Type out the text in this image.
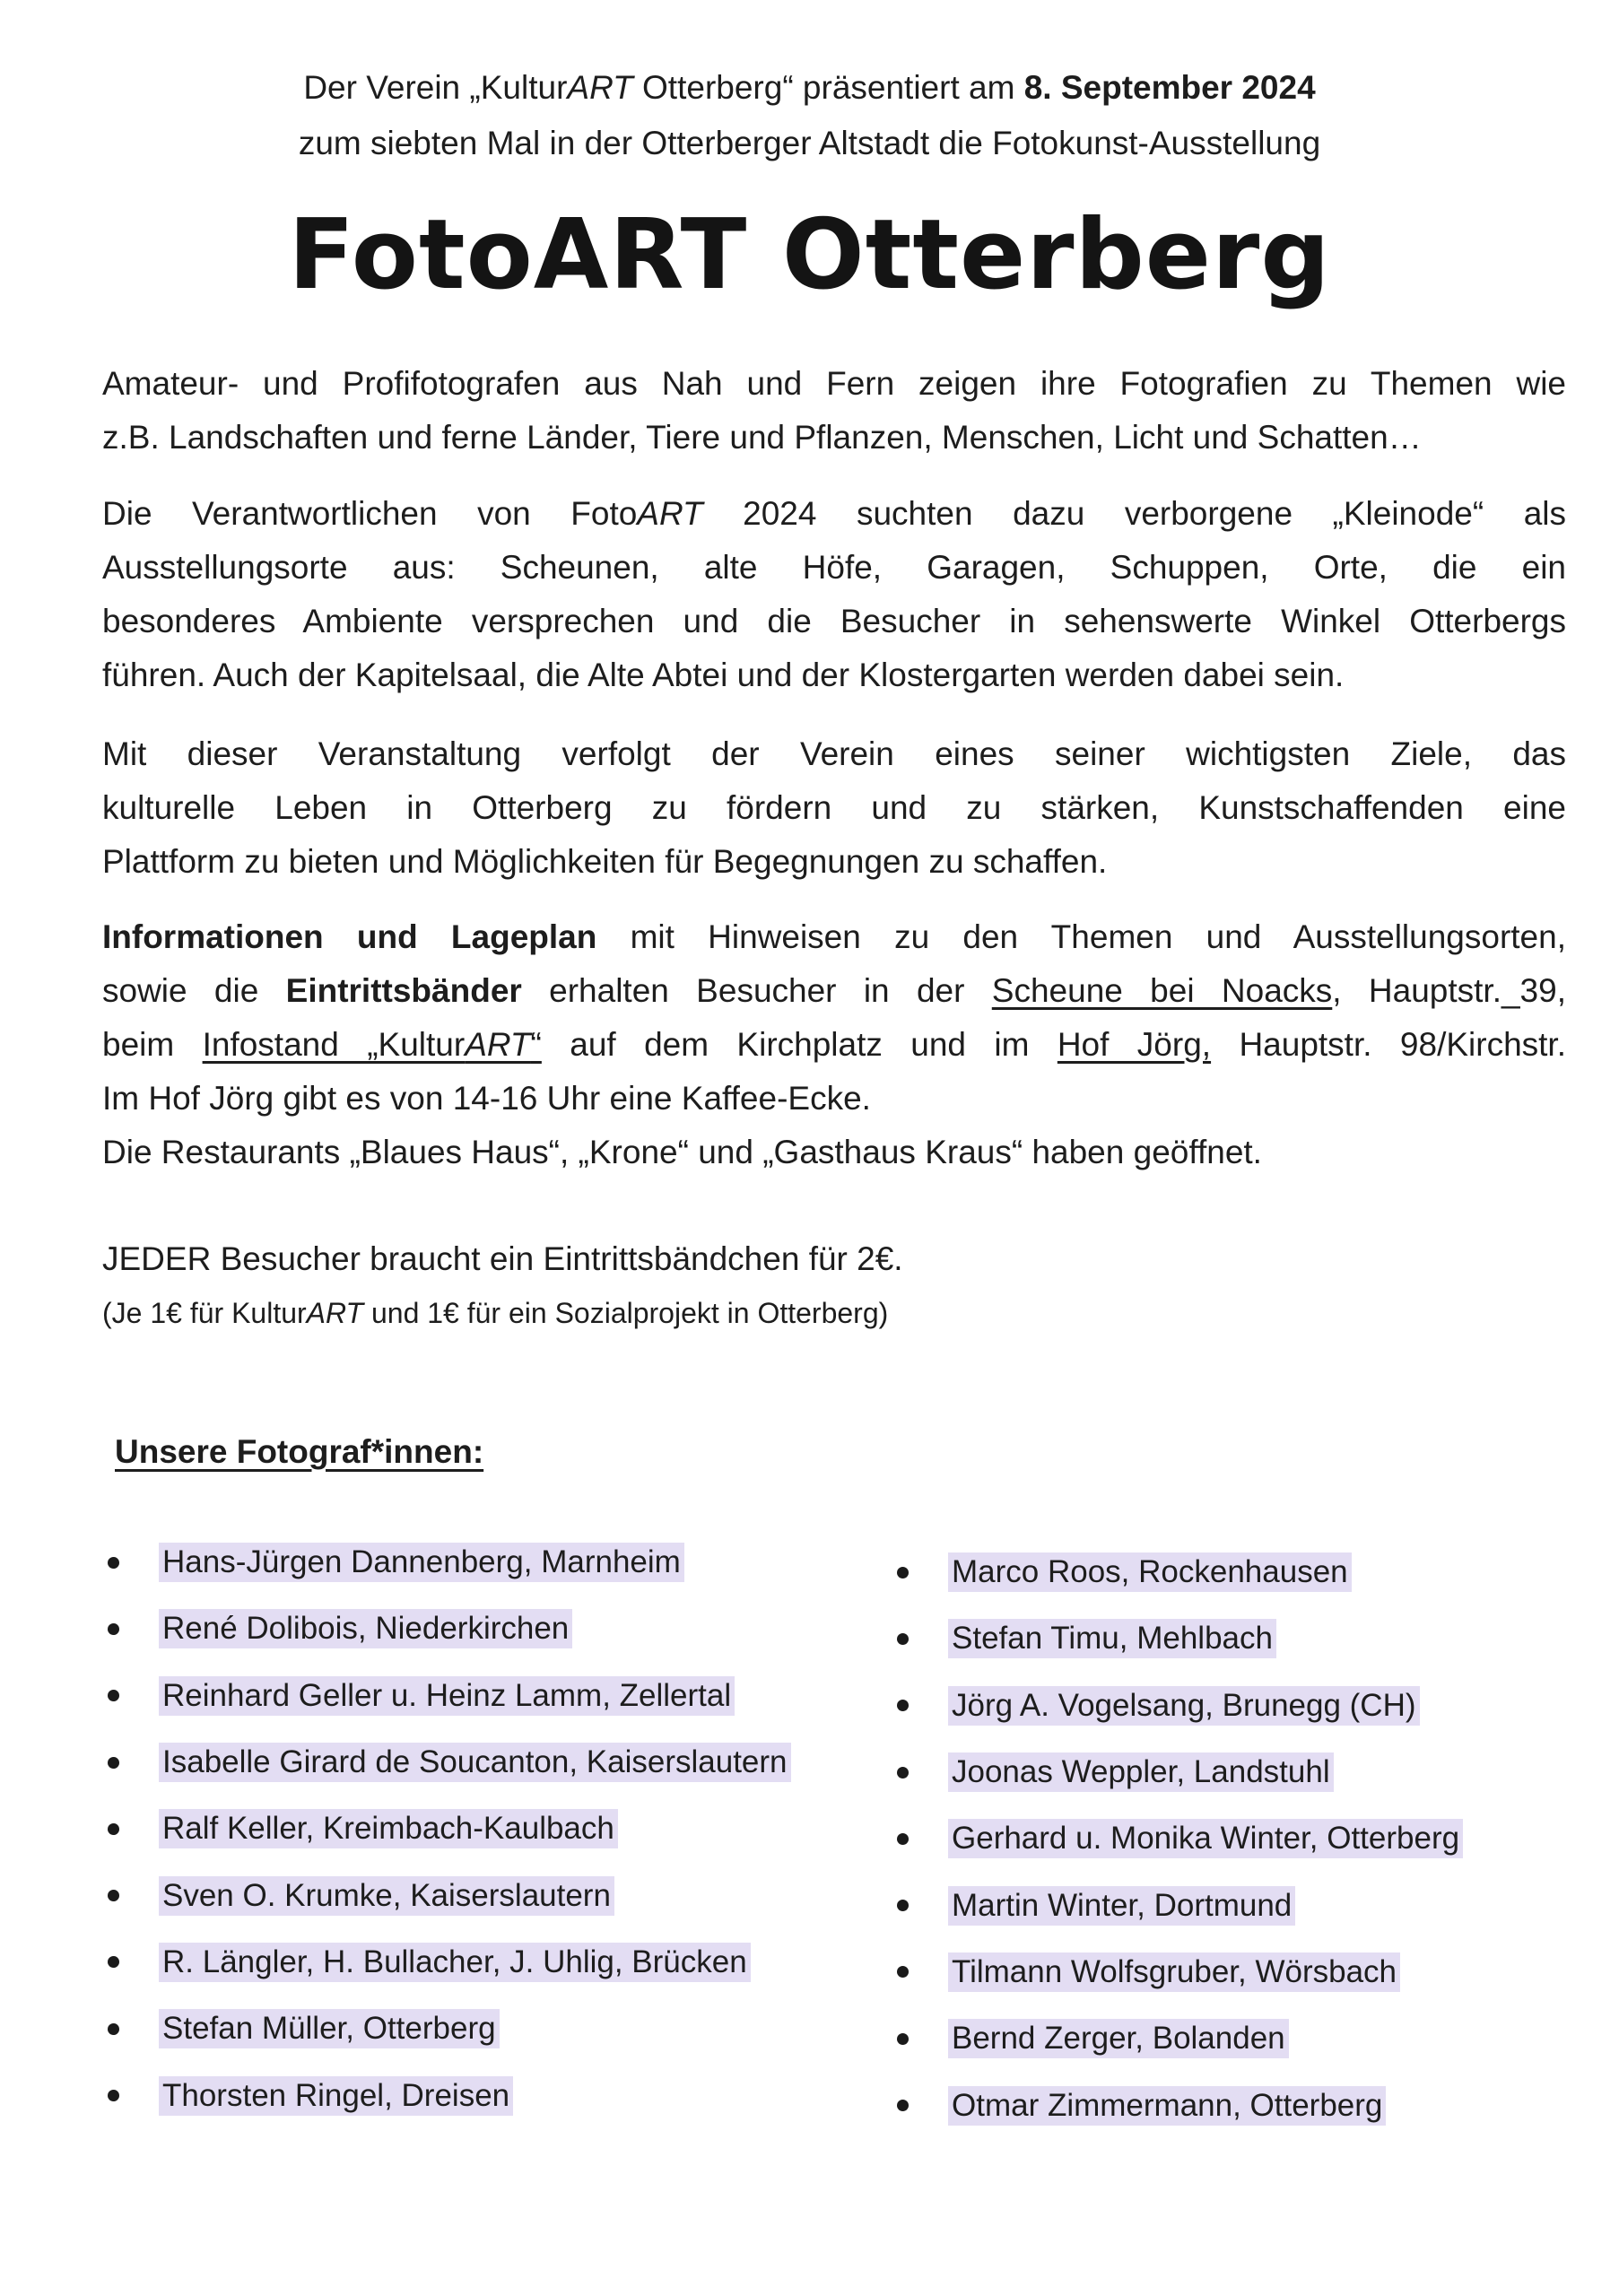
Der Verein „KulturART Otterberg“ präsentiert am 8. September 2024
zum siebten Mal in der Otterberger Altstadt die Fotokunst-Ausstellung
FotoART Otterberg
Amateur- und Profifotografen aus Nah und Fern zeigen ihre Fotografien zu Themen wie
z.B. Landschaften und ferne Länder, Tiere und Pflanzen, Menschen, Licht und Schatten…
Die Verantwortlichen von FotoART 2024 suchten dazu verborgene „Kleinode“ als
Ausstellungsorte aus: Scheunen, alte Höfe, Garagen, Schuppen, Orte, die ein
besonderes Ambiente versprechen und die Besucher in sehenswerte Winkel Otterbergs
führen. Auch der Kapitelsaal, die Alte Abtei und der Klostergarten werden dabei sein.
Mit dieser Veranstaltung verfolgt der Verein eines seiner wichtigsten Ziele, das
kulturelle Leben in Otterberg zu fördern und zu stärken, Kunstschaffenden eine
Plattform zu bieten und Möglichkeiten für Begegnungen zu schaffen.
Informationen und Lageplan mit Hinweisen zu den Themen und Ausstellungsorten,
sowie die Eintrittsbänder erhalten Besucher in der Scheune bei Noacks, Hauptstr._39,
beim Infostand „KulturART“ auf dem Kirchplatz und im Hof Jörg, Hauptstr. 98/Kirchstr.
Im Hof Jörg gibt es von 14-16 Uhr eine Kaffee-Ecke.
Die Restaurants „Blaues Haus“, „Krone“ und „Gasthaus Kraus“ haben geöffnet.
JEDER Besucher braucht ein Eintrittsbändchen für 2€.
(Je 1€ für KulturART und 1€ für ein Sozialprojekt in Otterberg)
Unsere Fotograf*innen:
Hans-Jürgen Dannenberg, Marnheim
René Dolibois, Niederkirchen
Reinhard Geller u. Heinz Lamm, Zellertal
Isabelle Girard de Soucanton, Kaiserslautern
Ralf Keller, Kreimbach-Kaulbach
Sven O. Krumke, Kaiserslautern
R. Längler, H. Bullacher, J. Uhlig, Brücken
Stefan Müller, Otterberg
Thorsten Ringel, Dreisen
Marco Roos, Rockenhausen
Stefan Timu, Mehlbach
Jörg A. Vogelsang, Brunegg (CH)
Joonas Weppler, Landstuhl
Gerhard u. Monika Winter, Otterberg
Martin Winter, Dortmund
Tilmann Wolfsgruber, Wörsbach
Bernd Zerger, Bolanden
Otmar Zimmermann, Otterberg
